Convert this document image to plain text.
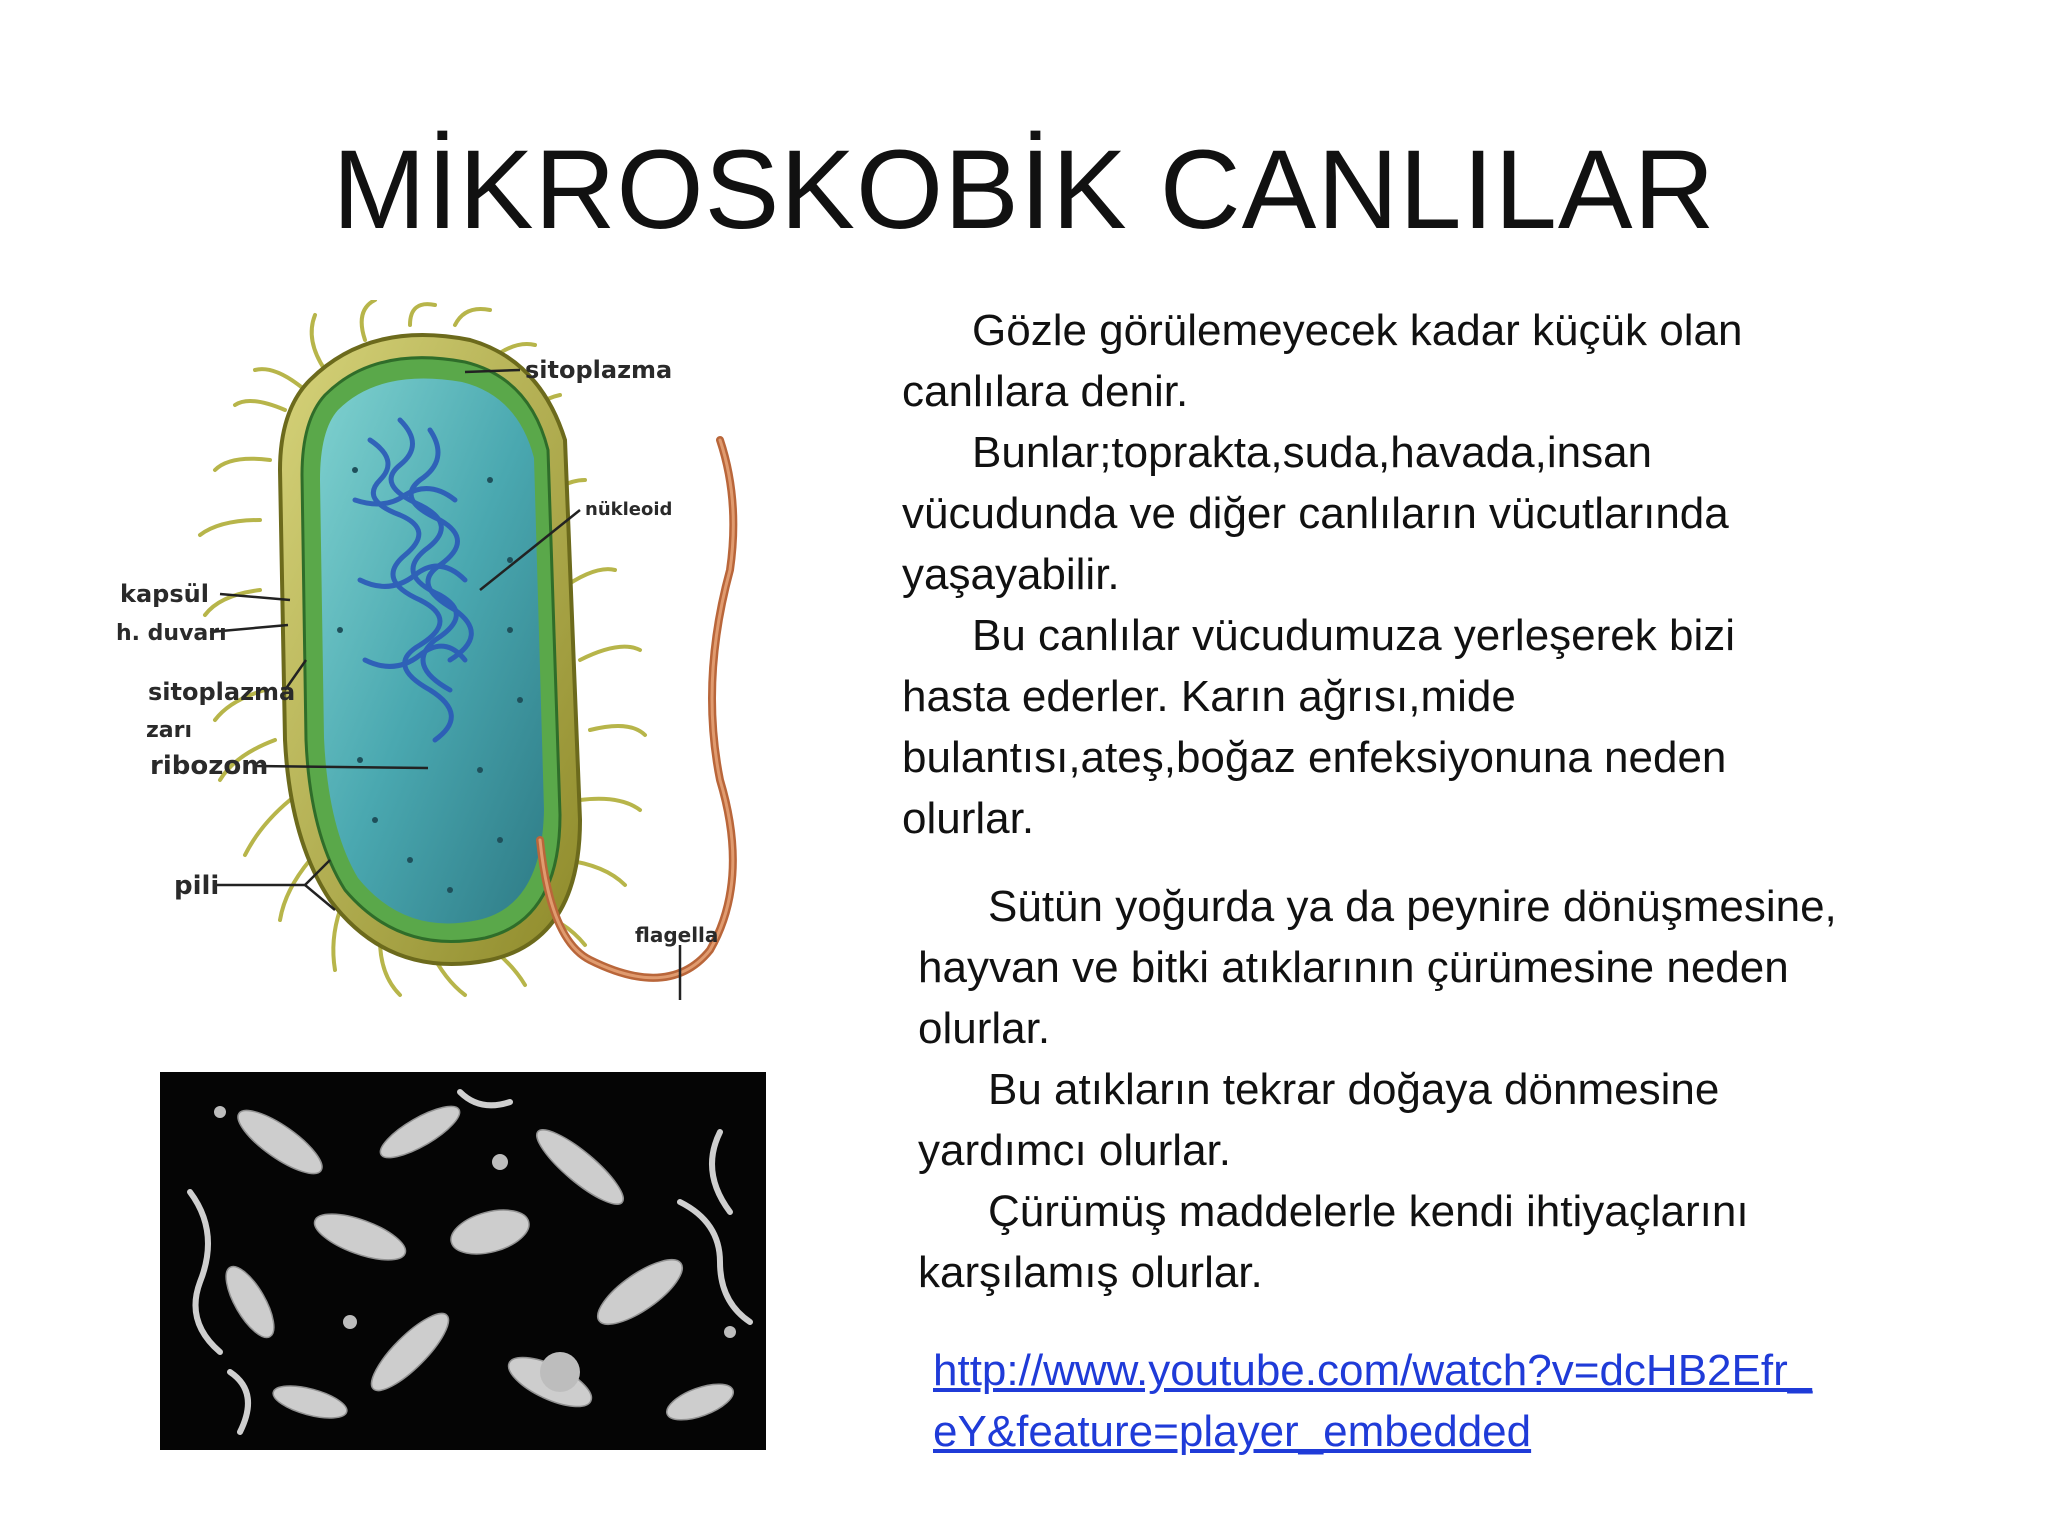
MİKROSKOBİK CANLILAR
sitoplazma
nükleoid
kapsül
h. duvarı
sitoplazma
zarı
ribozom
pili
flagella

Gözle görülemeyecek kadar küçük olan
canlılara denir.

Bunlar;toprakta,suda,havada,insan
vücudunda ve diğer canlıların vücutlarında
yaşayabilir.

Bu canlılar vücudumuza yerleşerek bizi
hasta ederler. Karın ağrısı,mide
bulantısı,ateş,boğaz enfeksiyonuna neden
olurlar.

Sütün yoğurda ya da peynire dönüşmesine,
hayvan ve bitki atıklarının çürümesine neden
olurlar.

Bu atıkların tekrar doğaya dönmesine
yardımcı olurlar.

Çürümüş maddelerle kendi ihtiyaçlarını
karşılamış olurlar.

http://www.youtube.com/watch?v=dcHB2Efr_
eY&feature=player_embedded
